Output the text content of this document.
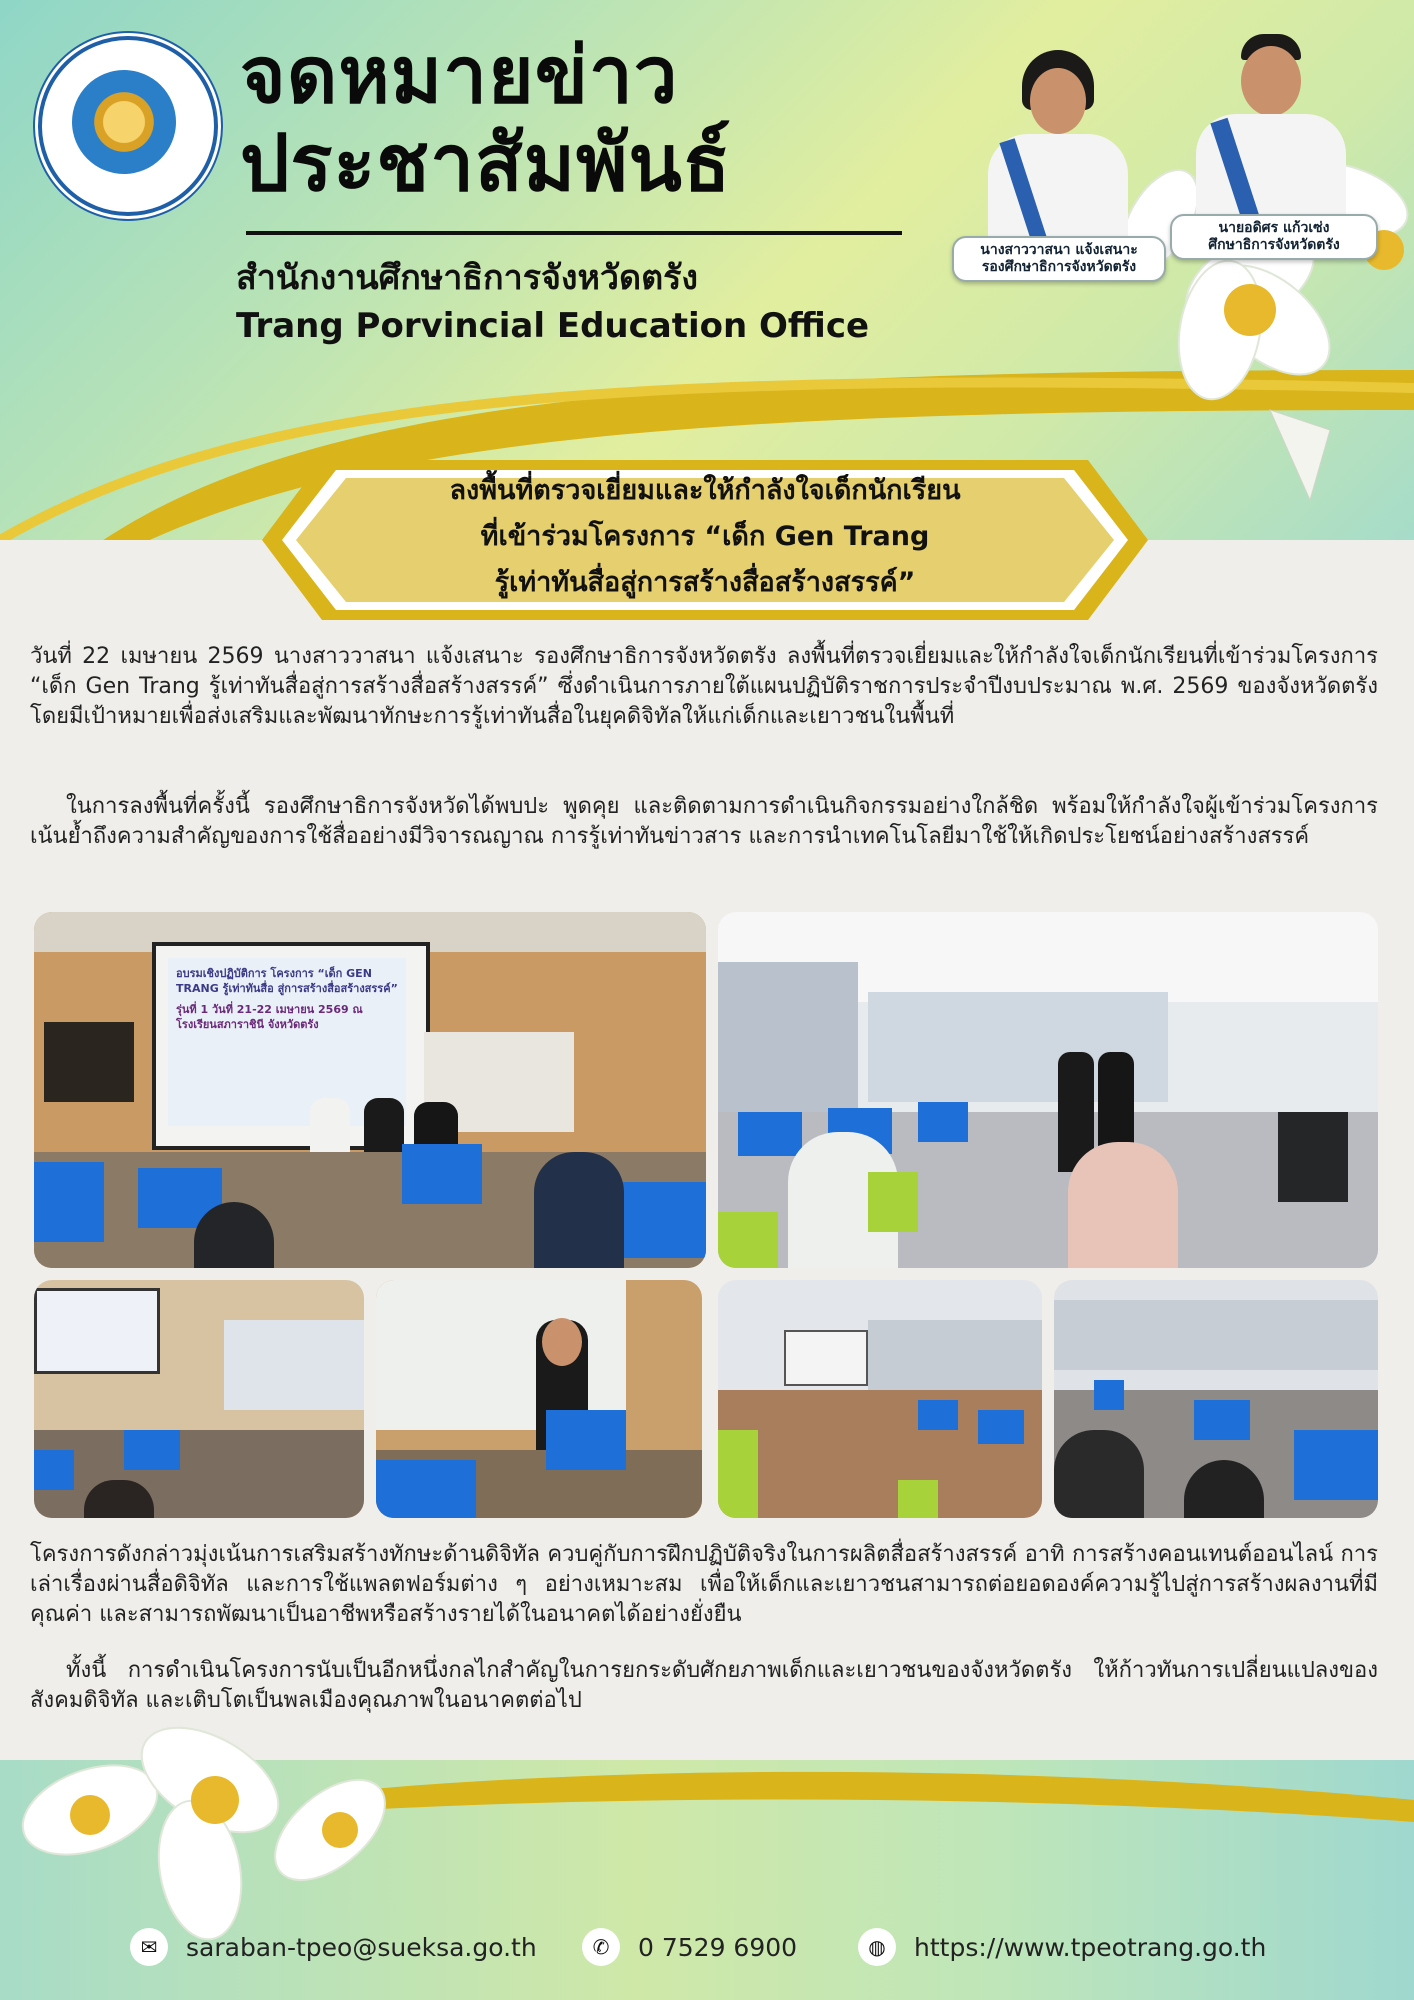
จดหมายข่าว
ประชาสัมพันธ์
สำนักงานศึกษาธิการจังหวัดตรัง
Trang Porvincial Education Office
นางสาววาสนา แจ้งเสนาะ
รองศึกษาธิการจังหวัดตรัง
นายอดิศร แก้วเซ่ง
ศึกษาธิการจังหวัดตรัง
ลงพื้นที่ตรวจเยี่ยมและให้กำลังใจเด็กนักเรียน
ที่เข้าร่วมโครงการ “เด็ก Gen Trang
รู้เท่าทันสื่อสู่การสร้างสื่อสร้างสรรค์”

วันที่ 22 เมษายน 2569 นางสาววาสนา แจ้งเสนาะ รองศึกษาธิการจังหวัดตรัง ลงพื้นที่ตรวจเยี่ยมและให้กำลังใจเด็กนักเรียนที่เข้าร่วมโครงการ “เด็ก Gen Trang รู้เท่าทันสื่อสู่การสร้างสื่อสร้างสรรค์” ซึ่งดำเนินการภายใต้แผนปฏิบัติราชการประจำปีงบประมาณ พ.ศ. 2569 ของจังหวัดตรัง โดยมีเป้าหมายเพื่อส่งเสริมและพัฒนาทักษะการรู้เท่าทันสื่อในยุคดิจิทัลให้แก่เด็กและเยาวชนในพื้นที่

ในการลงพื้นที่ครั้งนี้ รองศึกษาธิการจังหวัดได้พบปะ พูดคุย และติดตามการดำเนินกิจกรรมอย่างใกล้ชิด พร้อมให้กำลังใจผู้เข้าร่วมโครงการ เน้นย้ำถึงความสำคัญของการใช้สื่ออย่างมีวิจารณญาณ การรู้เท่าทันข่าวสาร และการนำเทคโนโลยีมาใช้ให้เกิดประโยชน์อย่างสร้างสรรค์

อบรมเชิงปฏิบัติการ โครงการ “เด็ก GEN TRANG รู้เท่าทันสื่อ สู่การสร้างสื่อสร้างสรรค์”
รุ่นที่ 1 วันที่ 21-22 เมษายน 2569 ณ โรงเรียนสภาราชินี จังหวัดตรัง

โครงการดังกล่าวมุ่งเน้นการเสริมสร้างทักษะด้านดิจิทัล ควบคู่กับการฝึกปฏิบัติจริงในการผลิตสื่อสร้างสรรค์ อาทิ การสร้างคอนเทนต์ออนไลน์ การเล่าเรื่องผ่านสื่อดิจิทัล และการใช้แพลตฟอร์มต่าง ๆ อย่างเหมาะสม เพื่อให้เด็กและเยาวชนสามารถต่อยอดองค์ความรู้ไปสู่การสร้างผลงานที่มีคุณค่า และสามารถพัฒนาเป็นอาชีพหรือสร้างรายได้ในอนาคตได้อย่างยั่งยืน

ทั้งนี้ การดำเนินโครงการนับเป็นอีกหนึ่งกลไกสำคัญในการยกระดับศักยภาพเด็กและเยาวชนของจังหวัดตรัง ให้ก้าวทันการเปลี่ยนแปลงของสังคมดิจิทัล และเติบโตเป็นพลเมืองคุณภาพในอนาคตต่อไป

✉	saraban-tpeo@sueksa.go.th	✆	0 7529 6900	◍	https://www.tpeotrang.go.th
